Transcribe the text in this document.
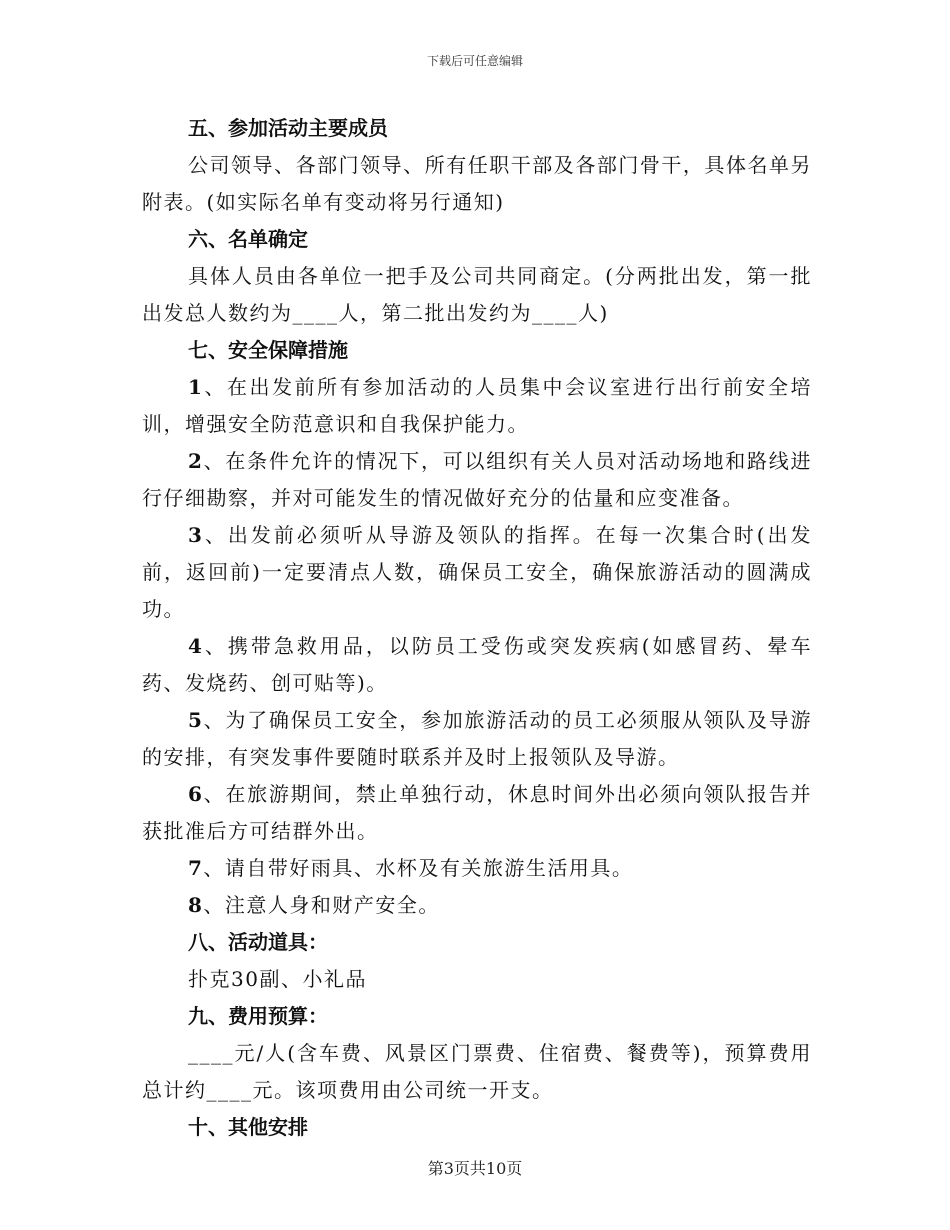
下载后可任意编辑
五、参加活动主要成员
公司领导、各部门领导、所有任职干部及各部门骨干，具体名单另附表。(如实际名单有变动将另行通知)
六、名单确定
具体人员由各单位一把手及公司共同商定。(分两批出发，第一批出发总人数约为____人，第二批出发约为____人)
七、安全保障措施
1、在出发前所有参加活动的人员集中会议室进行出行前安全培训，增强安全防范意识和自我保护能力。
2、在条件允许的情况下，可以组织有关人员对活动场地和路线进行仔细勘察，并对可能发生的情况做好充分的估量和应变准备。
3、出发前必须听从导游及领队的指挥。在每一次集合时(出发前，返回前)一定要清点人数，确保员工安全，确保旅游活动的圆满成功。
4、携带急救用品，以防员工受伤或突发疾病(如感冒药、晕车药、发烧药、创可贴等)。
5、为了确保员工安全，参加旅游活动的员工必须服从领队及导游的安排，有突发事件要随时联系并及时上报领队及导游。
6、在旅游期间，禁止单独行动，休息时间外出必须向领队报告并获批准后方可结群外出。
7、请自带好雨具、水杯及有关旅游生活用具。
8、注意人身和财产安全。
八、活动道具：
扑克30副、小礼品
九、费用预算：
____元/人(含车费、风景区门票费、住宿费、餐费等)，预算费用总计约____元。该项费用由公司统一开支。
十、其他安排
第3页共10页
